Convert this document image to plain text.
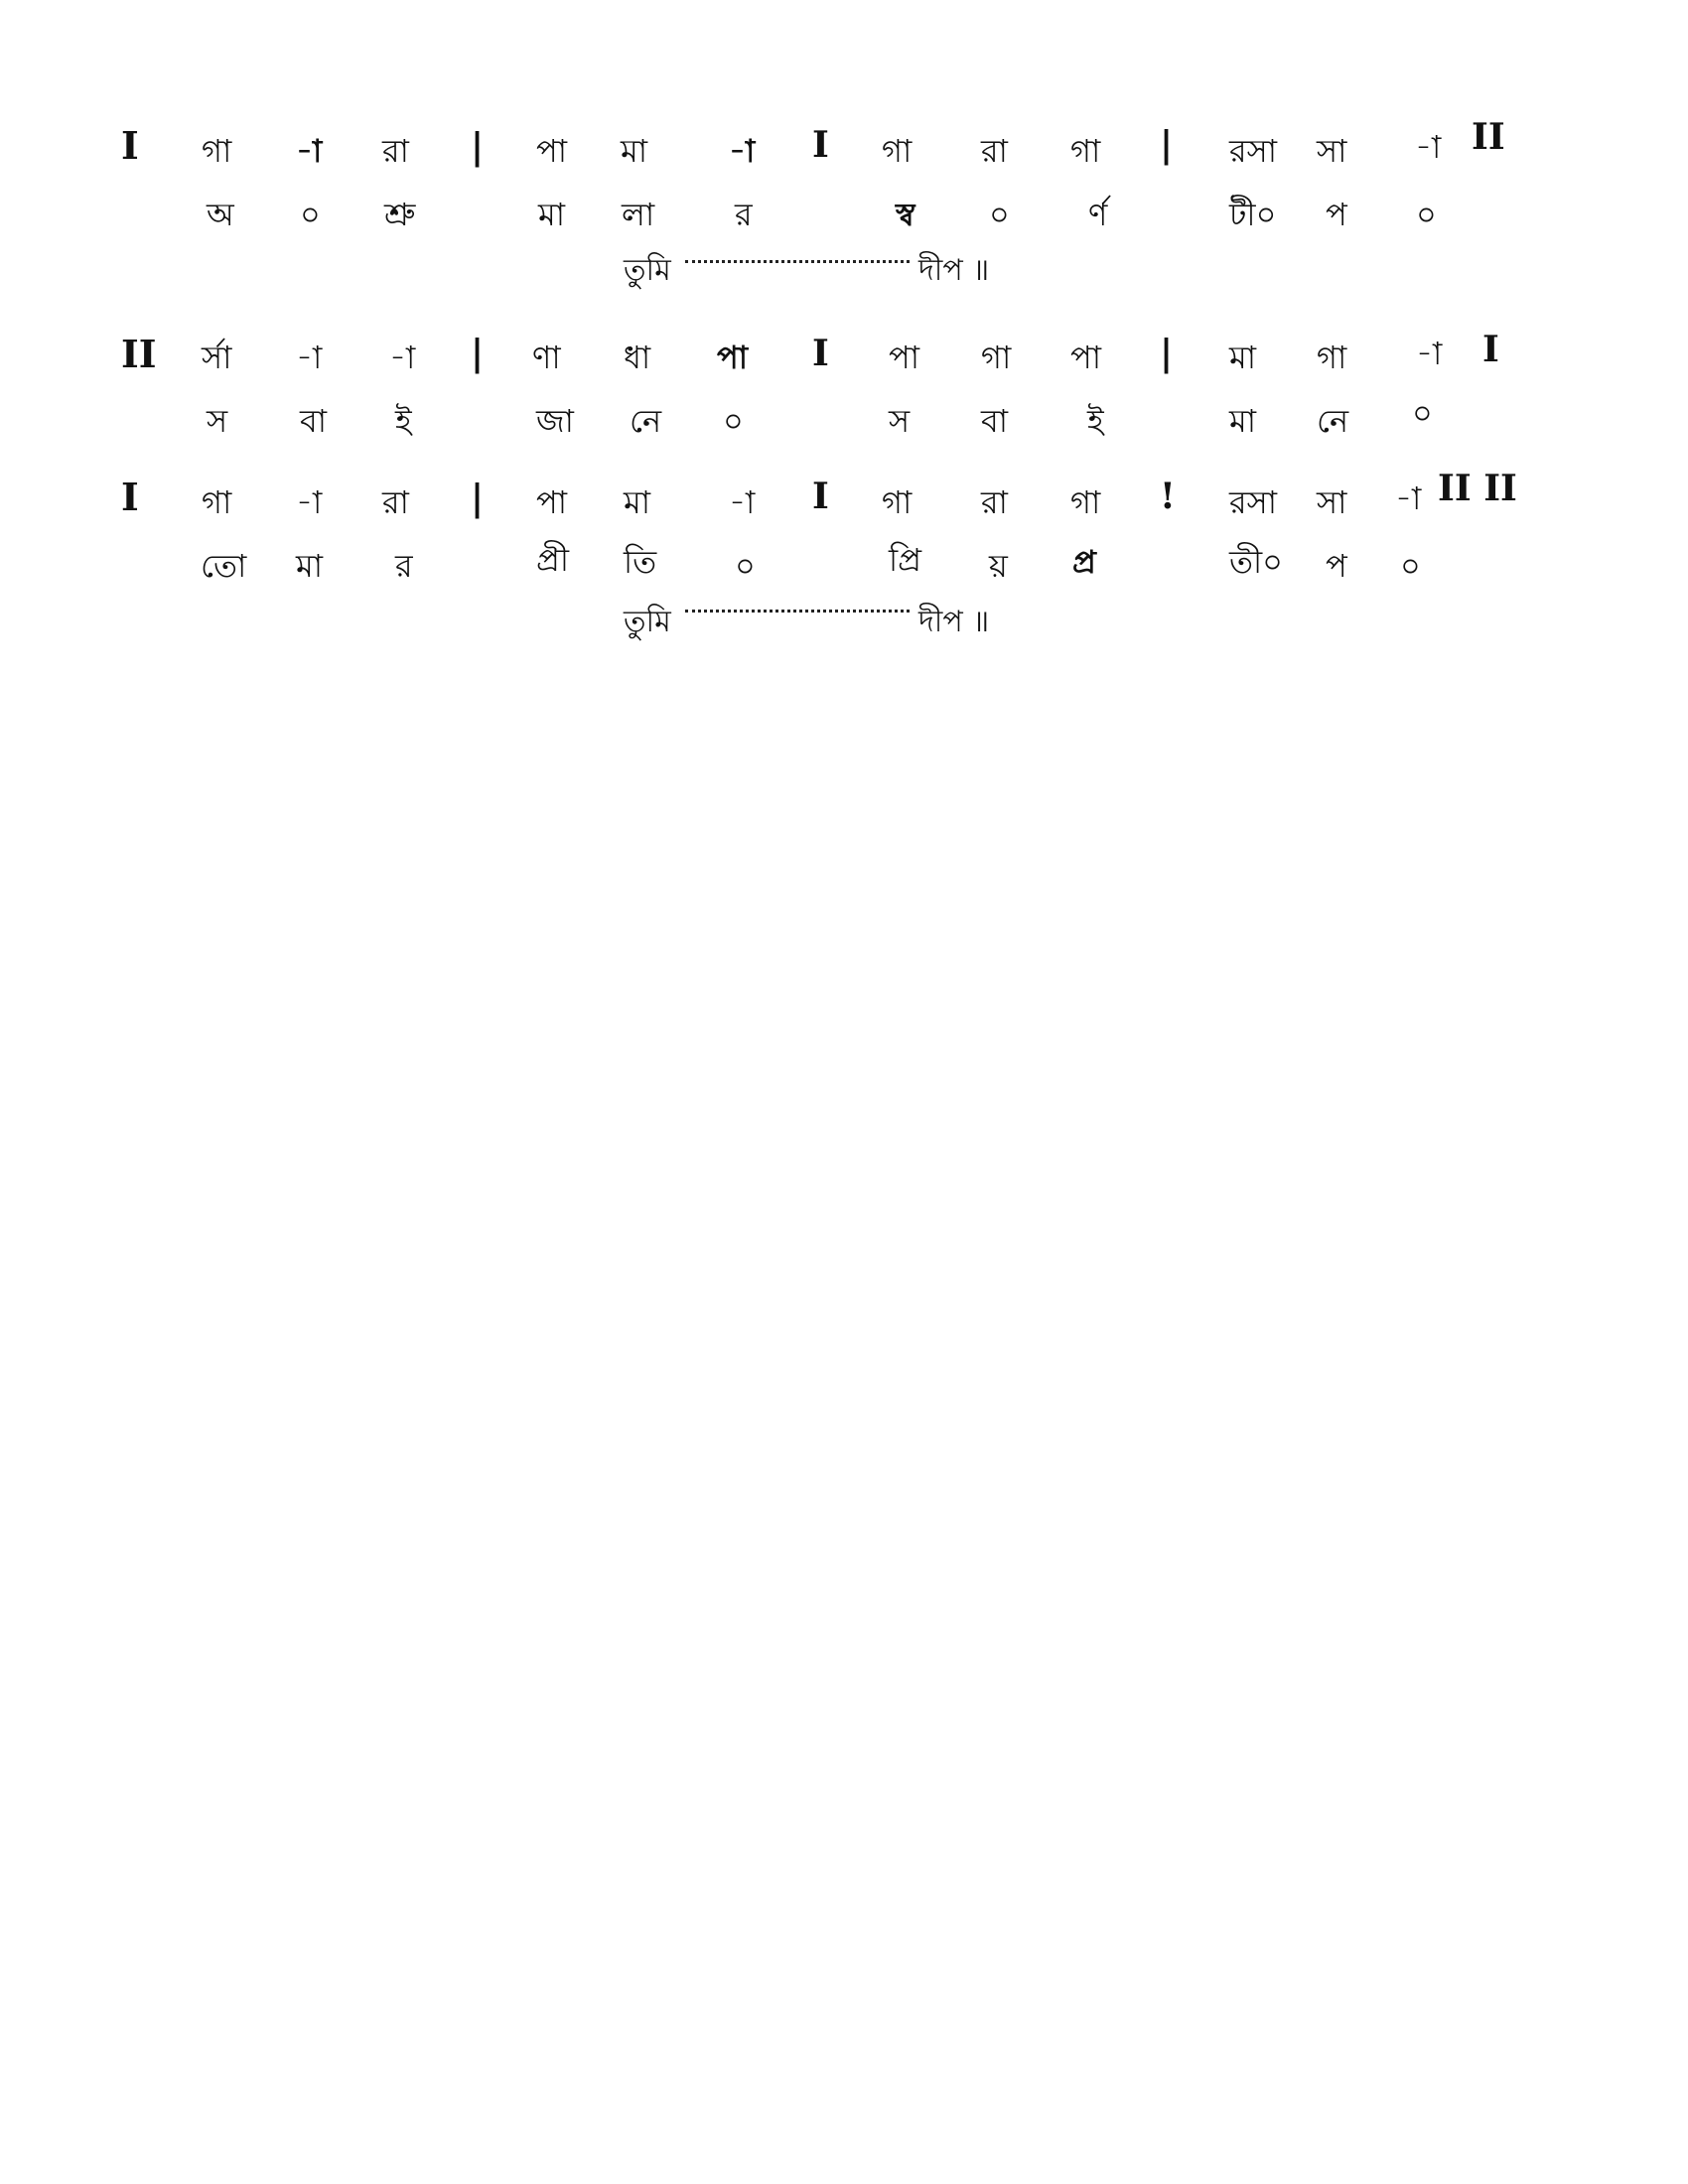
I গা -া রা | পা মা	-া I গা রা গা | রসা সা -া II
অ ০ শ্রু	মা লা	র	স্ব ০ র্ণ	টী০ প ০
তুমি	দীপ ॥
II র্সা -া -া | ণা ধা পা I পা গা পা | মা গা -া I
স বা ই	জা নে ০	স বা ই	মা নে ০
I গা -া রা | পা মা -া I গা রা গা ! রসা সা -া II II
তো মা র	প্রী তি ০	প্রি য় প্র	তী০ প ০
তুমি	দীপ ॥
